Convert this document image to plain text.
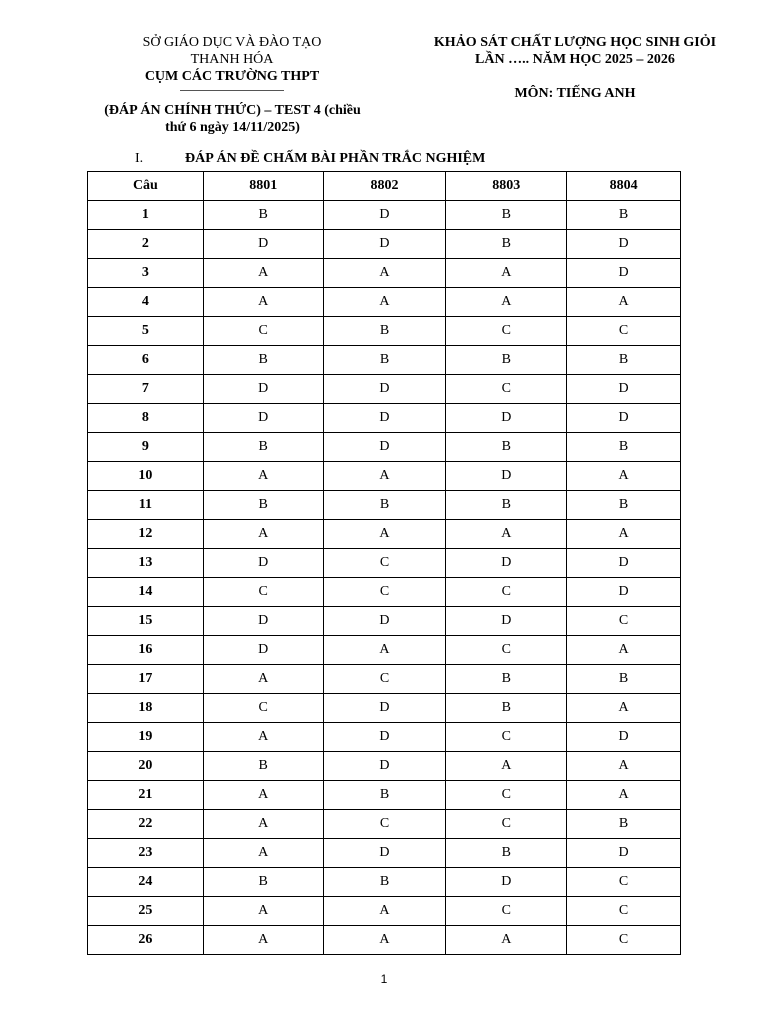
SỞ GIÁO DỤC VÀ ĐÀO TẠO
THANH HÓA
CỤM CÁC TRƯỜNG THPT
KHẢO SÁT CHẤT LƯỢNG HỌC SINH GIỎI
LẦN ….. NĂM HỌC 2025 – 2026
MÔN: TIẾNG ANH
(ĐÁP ÁN CHÍNH THỨC) – TEST 4 (chiều
thứ 6 ngày 14/11/2025)
I.	ĐÁP ÁN ĐỀ CHẤM BÀI PHẦN TRẮC NGHIỆM
Câu	8801	8802	8803	8804
1	B	D	B	B
2	D	D	B	D
3	A	A	A	D
4	A	A	A	A
5	C	B	C	C
6	B	B	B	B
7	D	D	C	D
8	D	D	D	D
9	B	D	B	B
10	A	A	D	A
11	B	B	B	B
12	A	A	A	A
13	D	C	D	D
14	C	C	C	D
15	D	D	D	C
16	D	A	C	A
17	A	C	B	B
18	C	D	B	A
19	A	D	C	D
20	B	D	A	A
21	A	B	C	A
22	A	C	C	B
23	A	D	B	D
24	B	B	D	C
25	A	A	C	C
26	A	A	A	C
1
